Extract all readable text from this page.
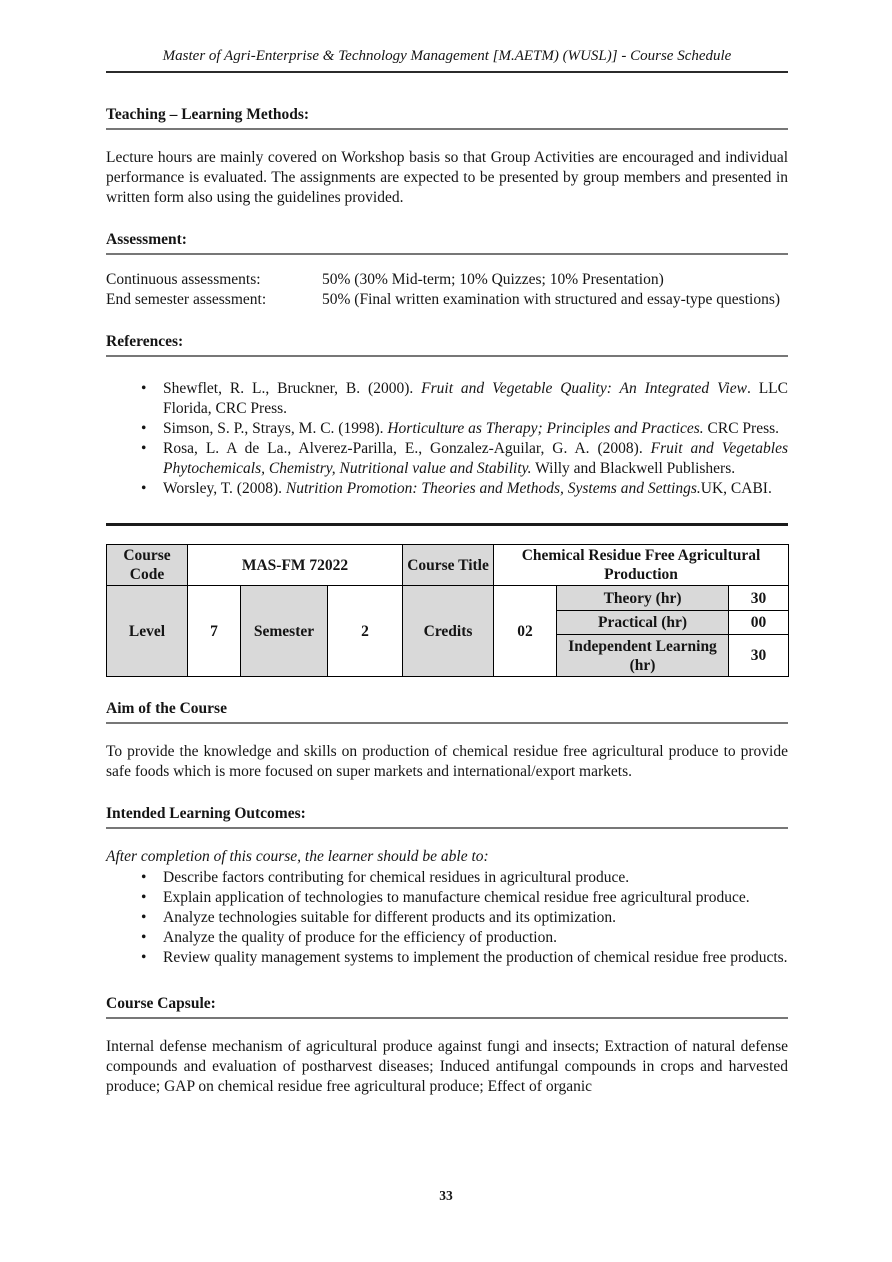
Master of Agri-Enterprise & Technology Management [M.AETM) (WUSL)] - Course Schedule
Teaching – Learning Methods:

Lecture hours are mainly covered on Workshop basis so that Group Activities are encouraged and individual performance is evaluated. The assignments are expected to be presented by group members and presented in written form also using the guidelines provided.

Assessment:
Continuous assessments:	50% (30% Mid-term; 10% Quizzes; 10% Presentation)
End semester assessment:	50% (Final written examination with structured and essay-type questions)
References:
• Shewflet, R. L., Bruckner, B. (2000). Fruit and Vegetable Quality: An Integrated View. LLC Florida, CRC Press.
• Simson, S. P., Strays, M. C. (1998). Horticulture as Therapy; Principles and Practices. CRC Press.
• Rosa, L. A de La., Alverez-Parilla, E., Gonzalez-Aguilar, G. A. (2008). Fruit and Vegetables Phytochemicals, Chemistry, Nutritional value and Stability. Willy and Blackwell Publishers.
• Worsley, T. (2008). Nutrition Promotion: Theories and Methods, Systems and Settings.UK, CABI.
Course Code	MAS-FM 72022			Course Title	Chemical Residue Free Agricultural Production		
Level	7	Semester	2	Credits	02	Theory (hr)	30
						Practical (hr)	00
						Independent Learning (hr)	30
Aim of the Course

To provide the knowledge and skills on production of chemical residue free agricultural produce to provide safe foods which is more focused on super markets and international/export markets.

Intended Learning Outcomes:

After completion of this course, the learner should be able to:

• Describe factors contributing for chemical residues in agricultural produce.
• Explain application of technologies to manufacture chemical residue free agricultural produce.
• Analyze technologies suitable for different products and its optimization.
• Analyze the quality of produce for the efficiency of production.
• Review quality management systems to implement the production of chemical residue free products.
Course Capsule:

Internal defense mechanism of agricultural produce against fungi and insects; Extraction of natural defense compounds and evaluation of postharvest diseases; Induced antifungal compounds in crops and harvested produce; GAP on chemical residue free agricultural produce; Effect of organic

33
